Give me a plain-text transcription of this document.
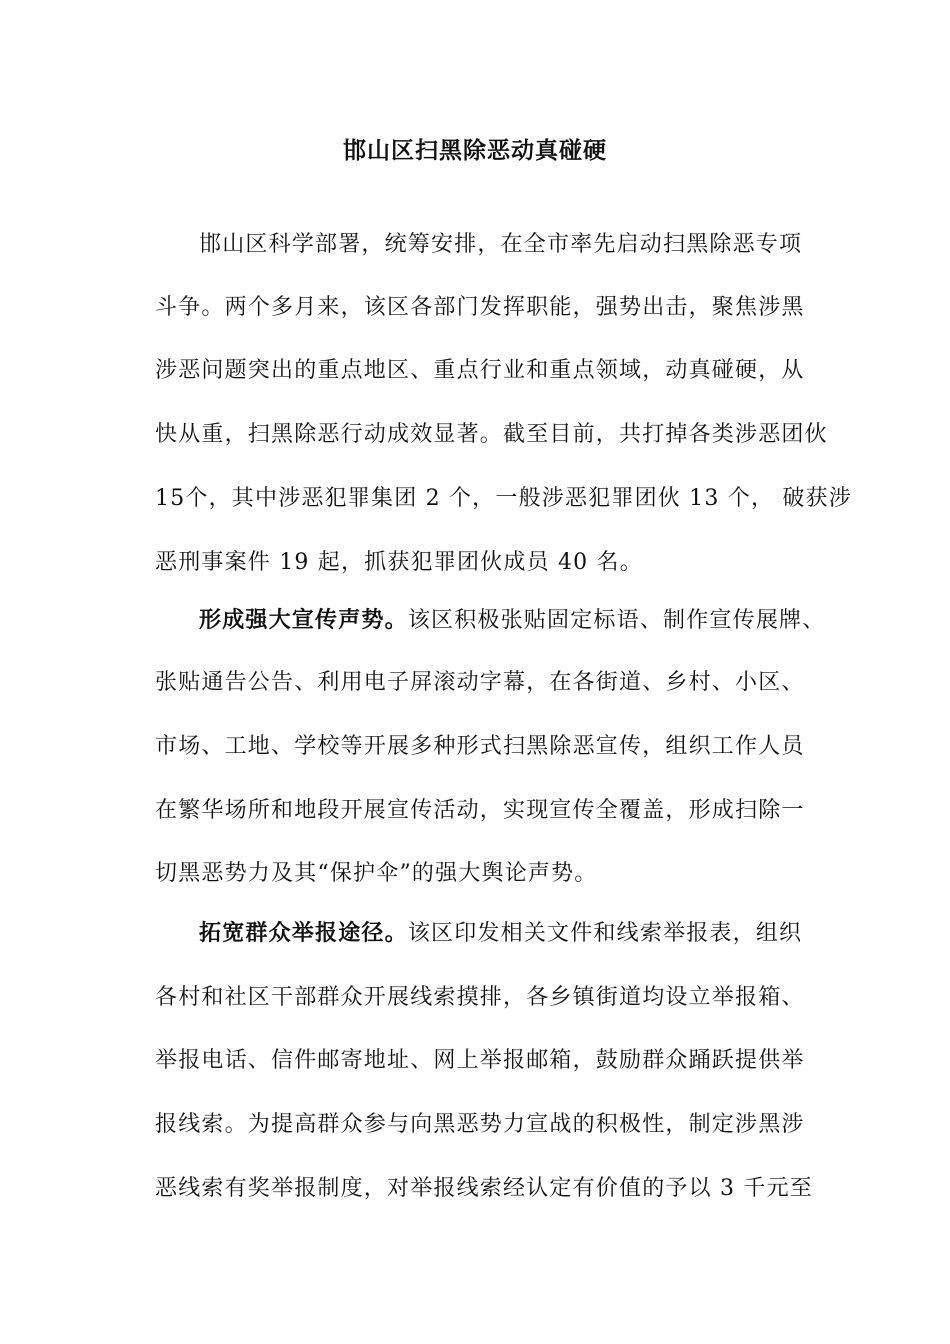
邯山区扫黑除恶动真碰硬
邯山区科学部署，统筹安排，在全市率先启动扫黑除恶专项
斗争。两个多月来，该区各部门发挥职能，强势出击，聚焦涉黑
涉恶问题突出的重点地区、重点行业和重点领域，动真碰硬，从
快从重，扫黑除恶行动成效显著。截至目前，共打掉各类涉恶团伙
15个，其中涉恶犯罪集团 2 个，一般涉恶犯罪团伙 13 个， 破获涉
恶刑事案件 19 起，抓获犯罪团伙成员 40 名。
形成强大宣传声势。该区积极张贴固定标语、制作宣传展牌、
张贴通告公告、利用电子屏滚动字幕，在各街道、乡村、小区、
市场、工地、学校等开展多种形式扫黑除恶宣传，组织工作人员
在繁华场所和地段开展宣传活动，实现宣传全覆盖，形成扫除一
切黑恶势力及其“保护伞”的强大舆论声势。
拓宽群众举报途径。该区印发相关文件和线索举报表，组织
各村和社区干部群众开展线索摸排，各乡镇街道均设立举报箱、
举报电话、信件邮寄地址、网上举报邮箱，鼓励群众踊跃提供举
报线索。为提高群众参与向黑恶势力宣战的积极性，制定涉黑涉
恶线索有奖举报制度，对举报线索经认定有价值的予以 3 千元至
